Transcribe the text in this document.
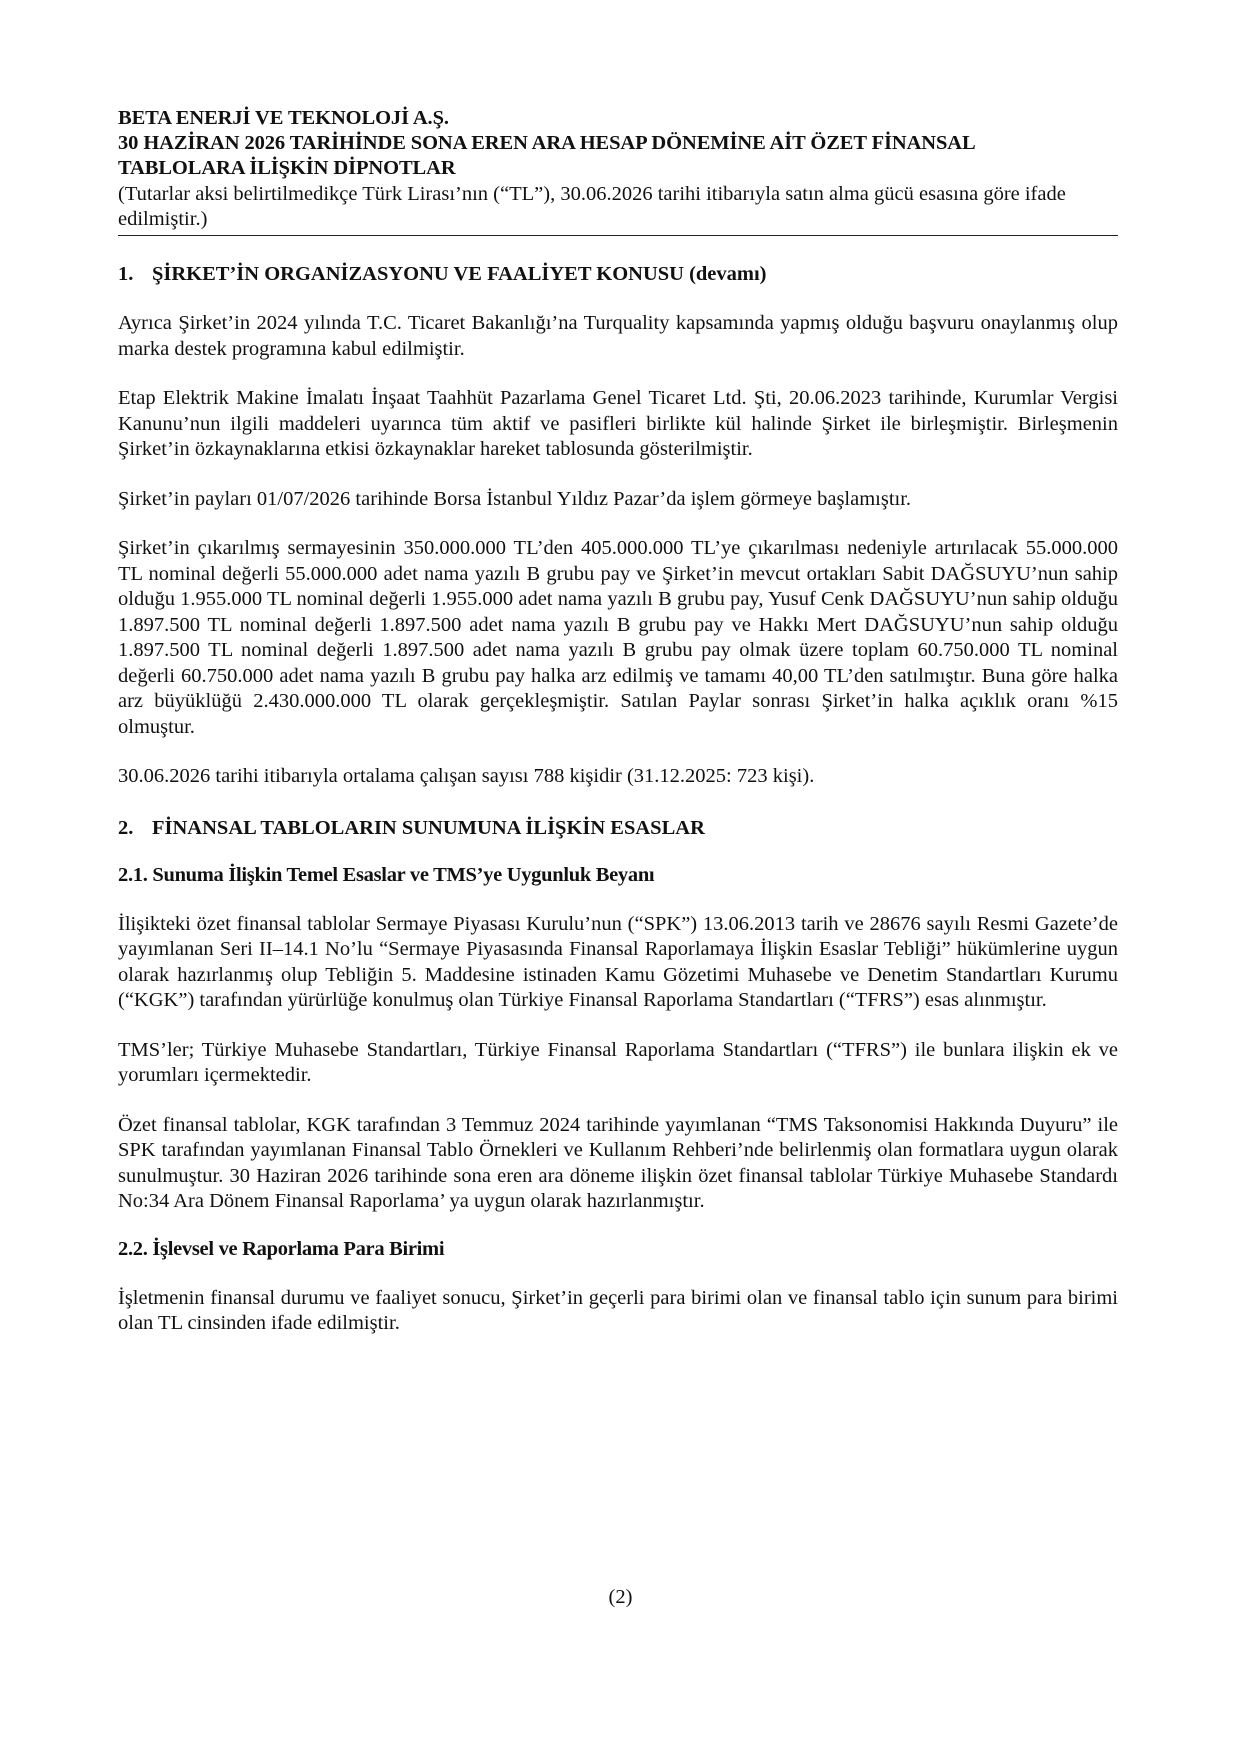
BETA ENERJİ VE TEKNOLOJİ A.Ş.
30 HAZİRAN 2026 TARİHİNDE SONA EREN ARA HESAP DÖNEMİNE AİT ÖZET FİNANSAL
TABLOLARA İLİŞKİN DİPNOTLAR
(Tutarlar aksi belirtilmedikçe Türk Lirası’nın (“TL”), 30.06.2026 tarihi itibarıyla satın alma gücü esasına göre ifade edilmiştir.)
1. ŞİRKET’İN ORGANİZASYONU VE FAALİYET KONUSU (devamı)

Ayrıca Şirket’in 2024 yılında T.C. Ticaret Bakanlığı’na Turquality kapsamında yapmış olduğu başvuru onaylanmış olup marka destek programına kabul edilmiştir.

Etap Elektrik Makine İmalatı İnşaat Taahhüt Pazarlama Genel Ticaret Ltd. Şti, 20.06.2023 tarihinde, Kurumlar Vergisi Kanunu’nun ilgili maddeleri uyarınca tüm aktif ve pasifleri birlikte kül halinde Şirket ile birleşmiştir. Birleşmenin Şirket’in özkaynaklarına etkisi özkaynaklar hareket tablosunda gösterilmiştir.

Şirket’in payları 01/07/2026 tarihinde Borsa İstanbul Yıldız Pazar’da işlem görmeye başlamıştır.

Şirket’in çıkarılmış sermayesinin 350.000.000 TL’den 405.000.000 TL’ye çıkarılması nedeniyle artırılacak 55.000.000 TL nominal değerli 55.000.000 adet nama yazılı B grubu pay ve Şirket’in mevcut ortakları Sabit DAĞSUYU’nun sahip olduğu 1.955.000 TL nominal değerli 1.955.000 adet nama yazılı B grubu pay, Yusuf Cenk DAĞSUYU’nun sahip olduğu 1.897.500 TL nominal değerli 1.897.500 adet nama yazılı B grubu pay ve Hakkı Mert DAĞSUYU’nun sahip olduğu 1.897.500 TL nominal değerli 1.897.500 adet nama yazılı B grubu pay olmak üzere toplam 60.750.000 TL nominal değerli 60.750.000 adet nama yazılı B grubu pay halka arz edilmiş ve tamamı 40,00 TL’den satılmıştır. Buna göre halka arz büyüklüğü 2.430.000.000 TL olarak gerçekleşmiştir. Satılan Paylar sonrası Şirket’in halka açıklık oranı %15 olmuştur.

30.06.2026 tarihi itibarıyla ortalama çalışan sayısı 788 kişidir (31.12.2025: 723 kişi).

2. FİNANSAL TABLOLARIN SUNUMUNA İLİŞKİN ESASLAR
2.1. Sunuma İlişkin Temel Esaslar ve TMS’ye Uygunluk Beyanı

İlişikteki özet finansal tablolar Sermaye Piyasası Kurulu’nun (“SPK”) 13.06.2013 tarih ve 28676 sayılı Resmi Gazete’de yayımlanan Seri II–14.1 No’lu “Sermaye Piyasasında Finansal Raporlamaya İlişkin Esaslar Tebliği” hükümlerine uygun olarak hazırlanmış olup Tebliğin 5. Maddesine istinaden Kamu Gözetimi Muhasebe ve Denetim Standartları Kurumu (“KGK”) tarafından yürürlüğe konulmuş olan Türkiye Finansal Raporlama Standartları (“TFRS”) esas alınmıştır.

TMS’ler; Türkiye Muhasebe Standartları, Türkiye Finansal Raporlama Standartları (“TFRS”) ile bunlara ilişkin ek ve yorumları içermektedir.

Özet finansal tablolar, KGK tarafından 3 Temmuz 2024 tarihinde yayımlanan “TMS Taksonomisi Hakkında Duyuru” ile SPK tarafından yayımlanan Finansal Tablo Örnekleri ve Kullanım Rehberi’nde belirlenmiş olan formatlara uygun olarak sunulmuştur. 30 Haziran 2026 tarihinde sona eren ara döneme ilişkin özet finansal tablolar Türkiye Muhasebe Standardı No:34 Ara Dönem Finansal Raporlama’ ya uygun olarak hazırlanmıştır.

2.2. İşlevsel ve Raporlama Para Birimi

İşletmenin finansal durumu ve faaliyet sonucu, Şirket’in geçerli para birimi olan ve finansal tablo için sunum para birimi olan TL cinsinden ifade edilmiştir.

(2)
